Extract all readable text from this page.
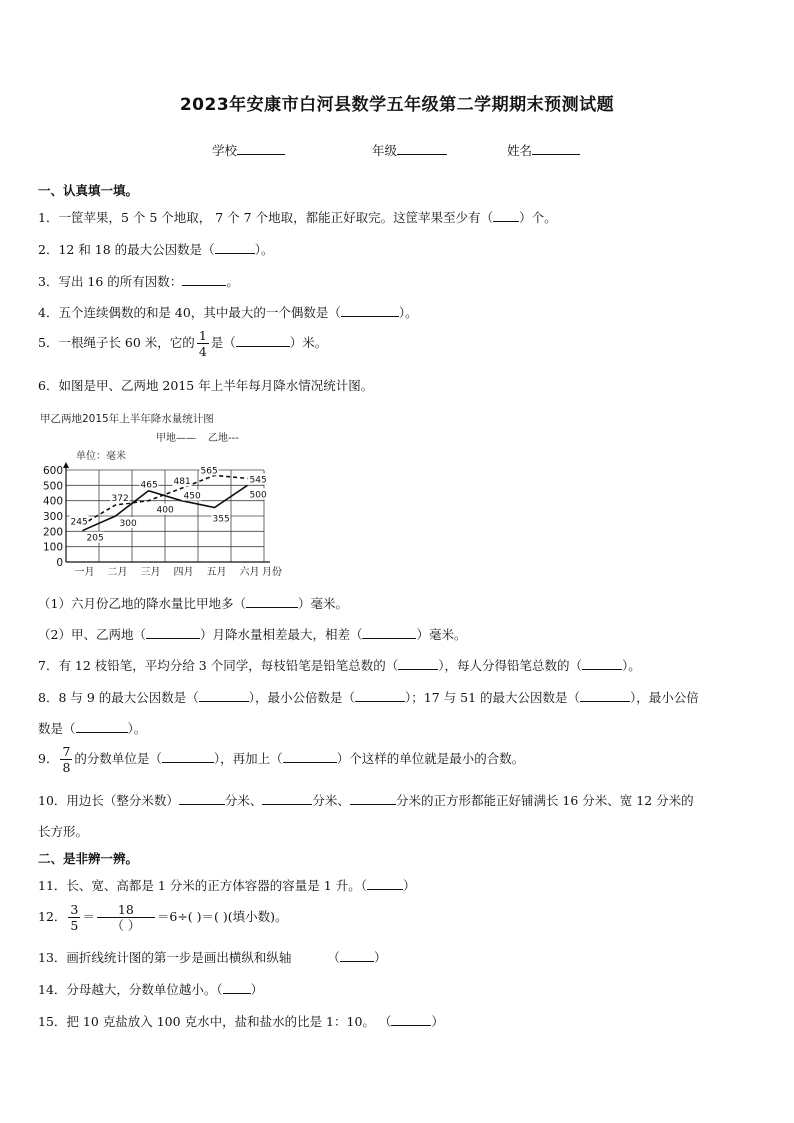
2023年安康市白河县数学五年级第二学期期末预测试题
学校	年级	姓名
一、认真填一填。
1．一筐苹果，5 个 5 个地取， 7 个 7 个地取，都能正好取完。这筐苹果至少有（ ）个。
2．12 和 18 的最大公因数是（	）。
3．写出 16 的所有因数：	。
4．五个连续偶数的和是 40，其中最大的一个偶数是（	）。
5．一根绳子长 60 米，它的 $\frac{1}{4}$ 是（	）米。
6．如图是甲、乙两地 2015 年上半年每月降水情况统计图。
甲乙两地2015年上半年降水量统计图
甲地—— 乙地---
单位：毫米
0
100
200
300
400
500
600
一月 二月 三月 四月 五月 六月 月份
245
205
372
300
465
400
481
450
565
355
545
500
（1）六月份乙地的降水量比甲地多（	）毫米。
（2）甲、乙两地（	）月降水量相差最大，相差（	）毫米。
7．有 12 枝铅笔，平均分给 3 个同学，每枝铅笔是铅笔总数的（	），每人分得铅笔总数的（	）。
8．8 与 9 的最大公因数是（	），最小公倍数是（	）；17 与 51 的最大公因数是（	），最小公倍
数是（	）。
9． $\frac{7}{8}$ 的分数单位是（	），再加上（	）个这样的单位就是最小的合数。
10．用边长（整分米数）	分米、	分米、	分米的正方形都能正好铺满长 16 分米、宽 12 分米的
长方形。
二、是非辨一辨。
11．长、宽、高都是 1 分米的正方体容器的容量是 1 升。（	）
12． $\frac{3}{5} = \frac{18}{( )} =6\div$( )＝( )(填小数)。
13．画折线统计图的第一步是画出横纵和纵轴	（	）
14．分母越大，分数单位越小。（ ）
15．把 10 克盐放入 100 克水中，盐和盐水的比是 1：10。 （	）
